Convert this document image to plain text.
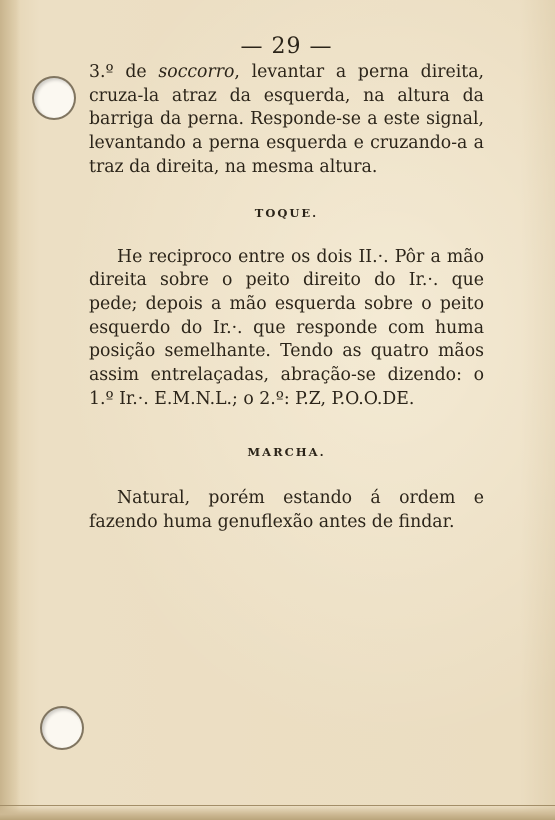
— 29 —

3.º de soccorro, levantar a perna direita, cruza-la atraz da esquerda, na altura da barriga da perna. Responde-se a este signal, levantando a perna esquerda e cruzando-a a traz da direita, na mesma altura.

TOQUE.

He reciproco entre os dois II.·. Pôr a mão direita sobre o peito direito do Ir.·. que pede; depois a mão esquerda sobre o peito esquerdo do Ir.·. que responde com huma posição semelhante. Tendo as quatro mãos assim entrelaçadas, abração-se dizendo: o 1.º Ir.·. E.M.N.L.; o 2.º: P.Z, P.O.O.DE.

MARCHA.

Natural, porém estando á ordem e fazendo huma genuflexão antes de findar.
